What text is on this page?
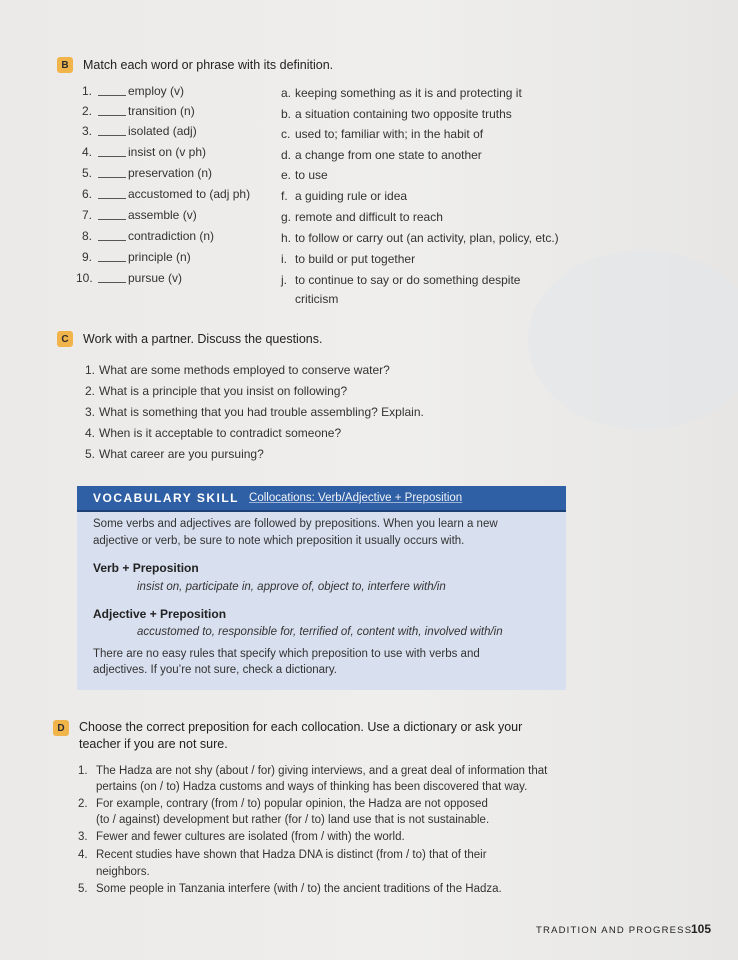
B	Match each word or phrase with its definition.
1.	employ (v)
2.	transition (n)
3.	isolated (adj)
4.	insist on (v ph)
5.	preservation (n)
6.	accustomed to (adj ph)
7.	assemble (v)
8.	contradiction (n)
9.	principle (n)
10.	pursue (v)
a. keeping something as it is and protecting it
b. a situation containing two opposite truths
c. used to; familiar with; in the habit of
d. a change from one state to another
e. to use
f. a guiding rule or idea
g. remote and difficult to reach
h. to follow or carry out (an activity, plan, policy, etc.)
i. to build or put together
j. to continue to say or do something despite
criticism
C	Work with a partner. Discuss the questions.
1. What are some methods employed to conserve water?
2. What is a principle that you insist on following?
3. What is something that you had trouble assembling? Explain.
4. When is it acceptable to contradict someone?
5. What career are you pursuing?
VOCABULARY SKILL Collocations: Verb/Adjective + Preposition
Some verbs and adjectives are followed by prepositions. When you learn a new
adjective or verb, be sure to note which preposition it usually occurs with.
Verb + Preposition
insist on, participate in, approve of, object to, interfere with/in
Adjective + Preposition
accustomed to, responsible for, terrified of, content with, involved with/in
There are no easy rules that specify which preposition to use with verbs and
adjectives. If you’re not sure, check a dictionary.
D	Choose the correct preposition for each collocation. Use a dictionary or ask your
teacher if you are not sure.
1. The Hadza are not shy (about / for) giving interviews, and a great deal of information that
pertains (on / to) Hadza customs and ways of thinking has been discovered that way.
2. For example, contrary (from / to) popular opinion, the Hadza are not opposed
(to / against) development but rather (for / to) land use that is not sustainable.
3. Fewer and fewer cultures are isolated (from / with) the world.
4. Recent studies have shown that Hadza DNA is distinct (from / to) that of their
neighbors.
5. Some people in Tanzania interfere (with / to) the ancient traditions of the Hadza.
TRADITION AND PROGRESS
105
